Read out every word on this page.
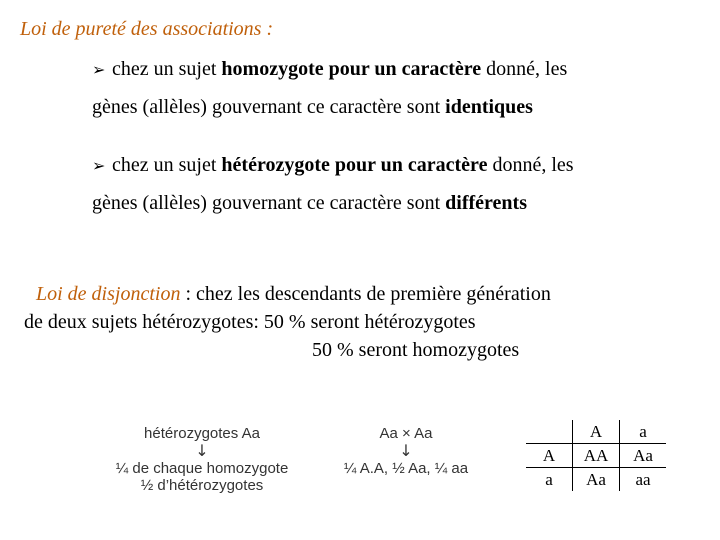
Loi de pureté des associations :
➢ chez un sujet homozygote pour un caractère donné, les
gènes (allèles) gouvernant ce caractère sont identiques
➢ chez un sujet hétérozygote pour un caractère donné, les
gènes (allèles) gouvernant ce caractère sont différents
Loi de disjonction : chez les descendants de première génération
de deux sujets hétérozygotes: 50 % seront hétérozygotes
50 % seront homozygotes
hétérozygotes Aa
↓
¼ de chaque homozygote
½ d’hétérozygotes
Aa × Aa
↓
¼ A.A, ½ Aa, ¼ aa
	A	a
A	AA	Aa
a	Aa	aa
